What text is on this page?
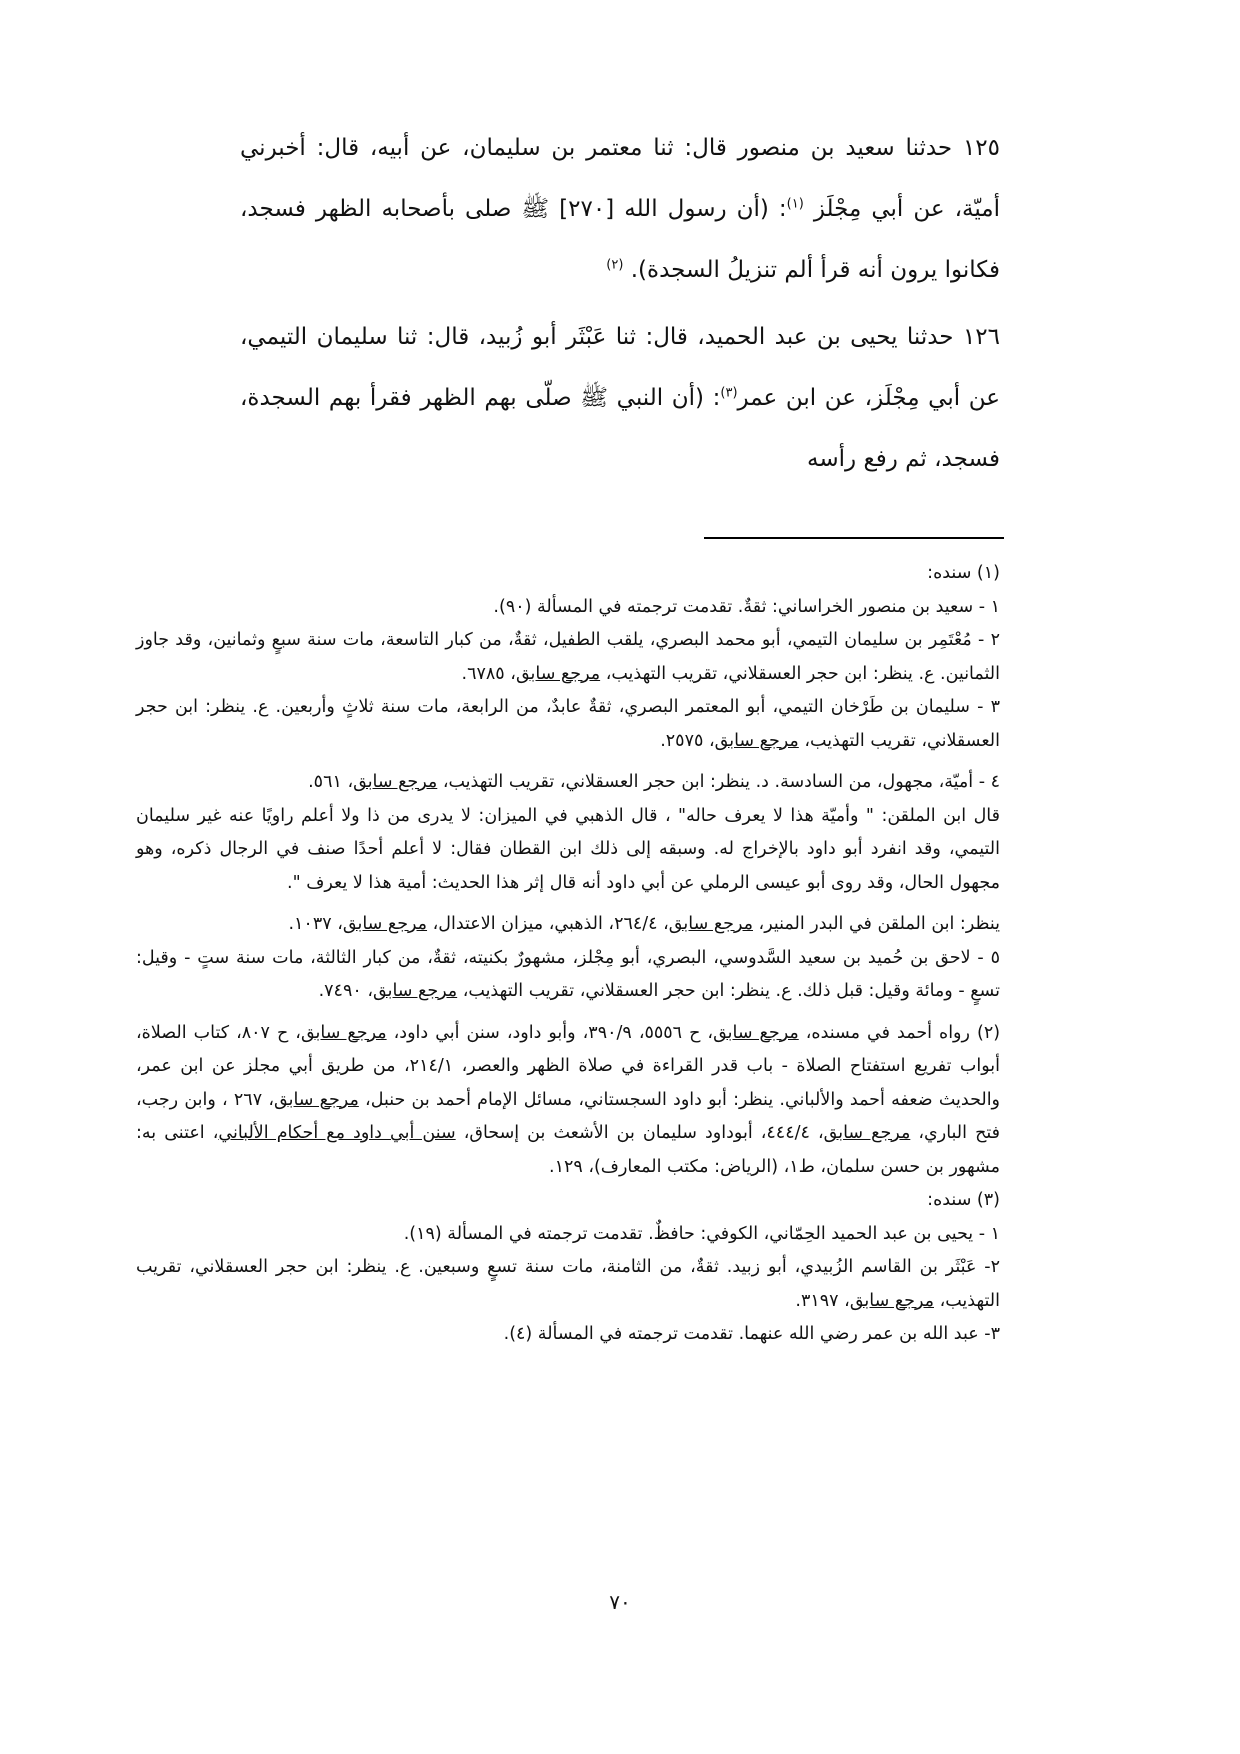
١٢٥ حدثنا سعيد بن منصور قال: ثنا معتمر بن سليمان، عن أبيه، قال: أخبرني أميّة، عن أبي مِجْلَز $^{(١)}$: (أن رسول الله [٢٧٠] ﷺ صلى بأصحابه الظهر فسجد، فكانوا يرون أنه قرأ ألم تنزيلُ السجدة). $^{(٢)}$

١٢٦ حدثنا يحيى بن عبد الحميد، قال: ثنا عَبْثَر أبو زُبيد، قال: ثنا سليمان التيمي، عن أبي مِجْلَز، عن ابن عمر$^{(٣)}$: (أن النبي ﷺ صلّى بهم الظهر فقرأ بهم السجدة، فسجد، ثم رفع رأسه

(١) سنده:

١ - سعيد بن منصور الخراساني: ثقةٌ. تقدمت ترجمته في المسألة (٩٠).

٢ - مُعْتَمِر بن سليمان التيمي، أبو محمد البصري، يلقب الطفيل، ثقةٌ، من كبار التاسعة، مات سنة سبعٍ وثمانين، وقد جاوز الثمانين. ع. ينظر: ابن حجر العسقلاني، تقريب التهذيب، مرجع سابق، ٦٧٨٥.

٣ - سليمان بن طَرْخان التيمي، أبو المعتمر البصري، ثقةٌ عابدٌ، من الرابعة، مات سنة ثلاثٍ وأربعين. ع. ينظر: ابن حجر العسقلاني، تقريب التهذيب، مرجع سابق، ٢٥٧٥.

٤ - أميّة، مجهول، من السادسة. د. ينظر: ابن حجر العسقلاني، تقريب التهذيب، مرجع سابق، ٥٦١.

قال ابن الملقن: " وأميّة هذا لا يعرف حاله" ، قال الذهبي في الميزان: لا يدرى من ذا ولا أعلم راويًا عنه غير سليمان التيمي، وقد انفرد أبو داود بالإخراج له. وسبقه إلى ذلك ابن القطان فقال: لا أعلم أحدًا صنف في الرجال ذكره، وهو مجهول الحال، وقد روى أبو عيسى الرملي عن أبي داود أنه قال إثر هذا الحديث: أمية هذا لا يعرف ".

ينظر: ابن الملقن في البدر المنير، مرجع سابق، ٢٦٤/٤، الذهبي، ميزان الاعتدال، مرجع سابق، ١٠٣٧.

٥ - لاحق بن حُميد بن سعيد السَّدوسي، البصري، أبو مِجْلز، مشهورٌ بكنيته، ثقةٌ، من كبار الثالثة، مات سنة ستٍ - وقيل: تسعٍ - ومائة وقيل: قبل ذلك. ع. ينظر: ابن حجر العسقلاني، تقريب التهذيب، مرجع سابق، ٧٤٩٠.

(٢) رواه أحمد في مسنده، مرجع سابق، ح ٥٥٥٦، ٣٩٠/٩، وأبو داود، سنن أبي داود، مرجع سابق، ح ٨٠٧، كتاب الصلاة، أبواب تفريع استفتاح الصلاة - باب قدر القراءة في صلاة الظهر والعصر، ٢١٤/١، من طريق أبي مجلز عن ابن عمر، والحديث ضعفه أحمد والألباني. ينظر: أبو داود السجستاني، مسائل الإمام أحمد بن حنبل، مرجع سابق، ٢٦٧ ، وابن رجب، فتح الباري، مرجع سابق، ٤٤٤/٤، أبوداود سليمان بن الأشعث بن إسحاق، سنن أبي داود مع أحكام الألباني، اعتنى به: مشهور بن حسن سلمان، ط١، (الرياض: مكتب المعارف)، ١٢٩.

(٣) سنده:

١ - يحيى بن عبد الحميد الحِمّاني، الكوفي: حافظٌ. تقدمت ترجمته في المسألة (١٩).

٢- عَبْثَر بن القاسم الزُبيدي، أبو زبيد. ثقةٌ، من الثامنة، مات سنة تسعٍ وسبعين. ع. ينظر: ابن حجر العسقلاني، تقريب التهذيب، مرجع سابق، ٣١٩٧.

٣- عبد الله بن عمر رضي الله عنهما. تقدمت ترجمته في المسألة (٤).

٧٠
